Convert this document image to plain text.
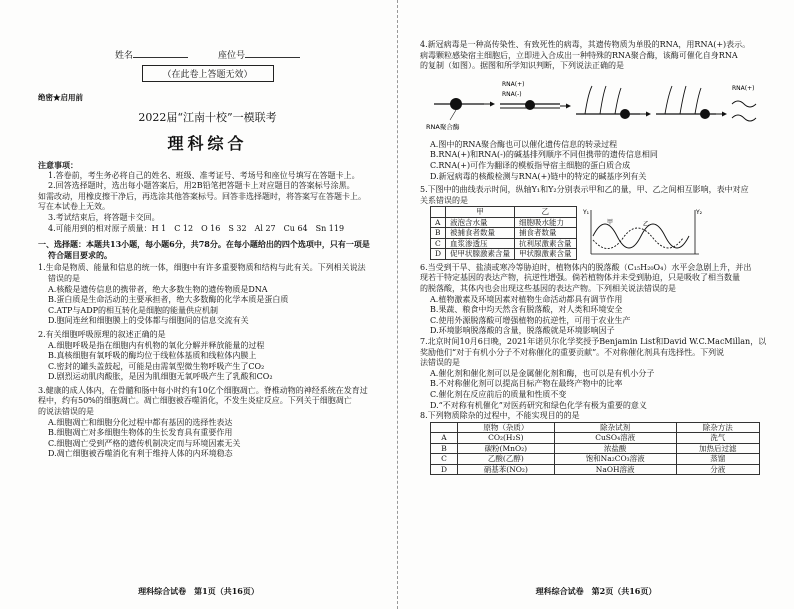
姓名	座位号
（在此卷上答题无效）
绝密★启用前
2022届“江南十校”一模联考
理科综合

注意事项：

1.答卷前，考生务必将自己的姓名、班级、准考证号、考场号和座位号填写在答题卡上。

2.回答选择题时，选出每小题答案后，用2B铅笔把答题卡上对应题目的答案标号涂黑。

如需改动，用橡皮擦干净后，再选涂其他答案标号。回答非选择题时，将答案写在答题卡上。

写在本试卷上无效。

3.考试结束后，将答题卡交回。

4.可能用到的相对原子质量：H 1　C 12　O 16　S 32　Al 27　Cu 64　Sn 119

一、选择题：本题共13小题，每小题6分，共78分。在每小题给出的四个选项中，只有一项是

符合题目要求的。

1.生命是物质、能量和信息的统一体，细胞中有许多重要物质和结构与此有关。下列相关说法

错误的是

A.核酸是遗传信息的携带者，绝大多数生物的遗传物质是DNA

B.蛋白质是生命活动的主要承担者，绝大多数酶的化学本质是蛋白质

C.ATP与ADP的相互转化是细胞的能量供应机制

D.胞间连丝和细胞膜上的受体都与细胞间的信息交流有关

2.有关细胞呼吸原理的叙述正确的是

A.细胞呼吸是指在细胞内有机物的氧化分解并释放能量的过程

B.真核细胞有氧呼吸的酶均位于线粒体基质和线粒体内膜上

C.密封的罐头盖鼓起，可能是由需氧型微生物呼吸产生了CO₂

D.剧烈运动肌肉酸胀，是因为肌细胞无氧呼吸产生了乳酸和CO₂

3.健康的成人体内，在骨髓和肠中每小时约有10亿个细胞凋亡。脊椎动物的神经系统在发育过

程中，约有50%的细胞凋亡。凋亡细胞被吞噬消化，不发生炎症反应。下列关于细胞凋亡

的说法错误的是

A.细胞凋亡和细胞分化过程中都有基因的选择性表达

B.细胞凋亡对多细胞生物体的生长发育具有重要作用

C.细胞凋亡受到严格的遗传机制决定而与环境因素无关

D.凋亡细胞被吞噬消化有利于维持人体的内环境稳态

理科综合试卷　第1页（共16页）

4.新冠病毒是一种高传染性、有致死性的病毒，其遗传物质为单股的RNA，用RNA(+)表示。

病毒颗粒感染宿主细胞后，立即进入合成出一种特殊的RNA聚合酶，该酶可催化自身RNA

的复制（如图）。据图和所学知识判断，下列说法正确的是

RNA聚合酶
RNA(+)
RNA(-)
RNA(+)

A.图中的RNA聚合酶也可以催化遗传信息的转录过程

B.RNA(+)和RNA(-)的碱基排列顺序不同但携带的遗传信息相同

C.RNA(+)可作为翻译的模板指导宿主细胞的蛋白质合成

D.新冠病毒的核酸检测与RNA(+)链中的特定的碱基序列有关

5.下图中的曲线表示时间，纵轴Y₁和Y₂分别表示甲和乙的量，甲、乙之间相互影响，表中对应

关系错误的是

	甲	乙
A	液泡含水量	细胞吸水能力
B	被捕食者数量	捕食者数量
C	血浆渗透压	抗利尿激素含量
D	促甲状腺激素含量	甲状腺激素含量
Y₁	Y₂
甲	乙

6.当受到干旱、盐渍或寒冷等胁迫时，植物体内的脱落酸（C₁₅H₂₀O₄）水平会急剧上升，并出

现若干特定基因的表达产物，抗逆性增强。倘若植物体并未受到胁迫，只是吸收了相当数量

的脱落酸，其体内也会出现这些基因的表达产物。下列相关说法错误的是

A.植物激素及环境因素对植物生命活动都具有调节作用

B.果蔬、粮食中均天然含有脱落酸，对人类和环境安全

C.使用外源脱落酸可增强植物的抗逆性，可用于农业生产

D.环境影响脱落酸的含量，脱落酸就是环境影响因子

7.北京时间10月6日晚，2021年诺贝尔化学奖授予Benjamin List和David W.C.MacMillan，以

奖励他们“对于有机小分子不对称催化的重要贡献”。不对称催化剂具有选择性。下列说

法错误的是

A.催化剂和催化剂可以是金属催化剂和酶，也可以是有机小分子

B.不对称催化剂可以提高目标产物在最终产物中的比率

C.催化剂在反应前后的质量和性质不变

D.“不对称有机催化”对医药研究和绿色化学有极为重要的意义

8.下列物质除杂的过程中，不能实现目的的是

	原物（杂质）	除杂试剂	除杂方法
A	CO₂(H₂S)	CuSO₄溶液	洗气
B	碳粉(MnO₂)	浓盐酸	加热后过滤
C	乙酸(乙醇)	饱和Na₂CO₃溶液	蒸馏
D	硝基苯(NO₂)	NaOH溶液	分液
理科综合试卷　第2页（共16页）
